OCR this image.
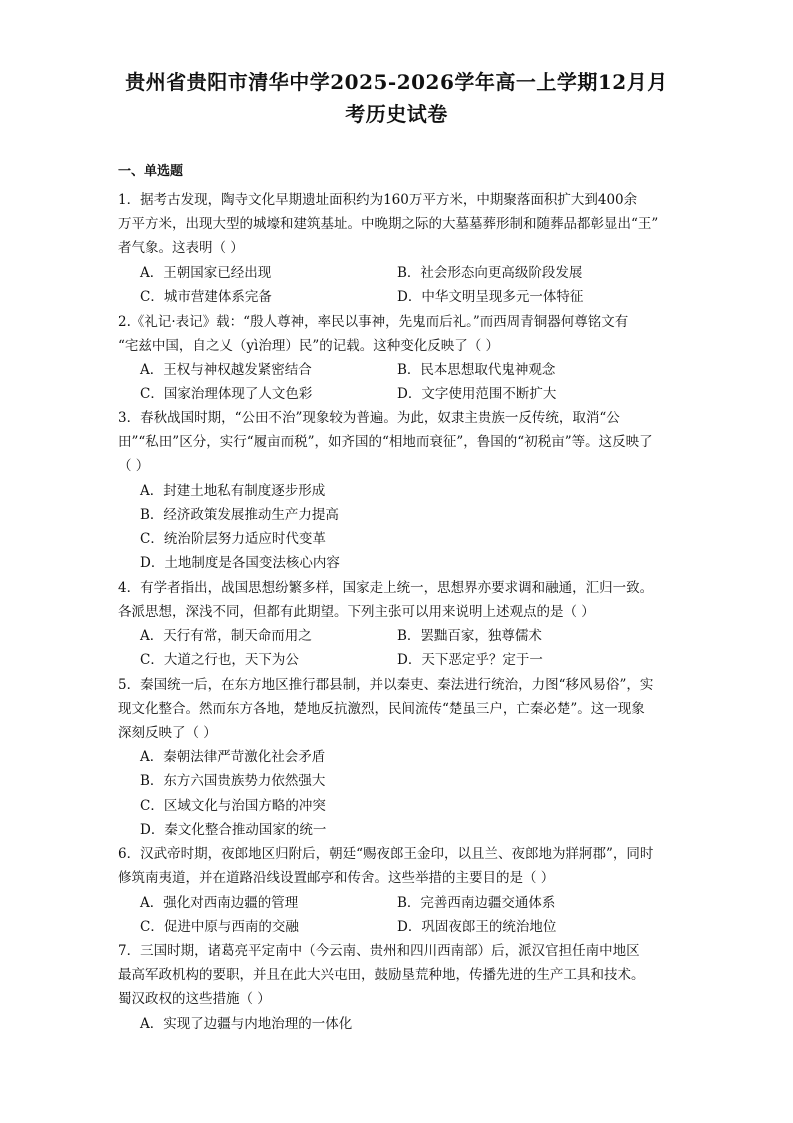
贵州省贵阳市清华中学2025-2026学年高一上学期12月月
考历史试卷
一、单选题
1．据考古发现，陶寺文化早期遗址面积约为160万平方米，中期聚落面积扩大到400余
万平方米，出现大型的城壕和建筑基址。中晚期之际的大墓墓葬形制和随葬品都彰显出“王”
者气象。这表明（ ）
A．王朝国家已经出现	B．社会形态向更高级阶段发展
C．城市营建体系完备	D．中华文明呈现多元一体特征
2.《礼记·表记》载：“殷人尊神，率民以事神，先鬼而后礼。”而西周青铜器何尊铭文有
“宅兹中国，自之乂（yì治理）民”的记载。这种变化反映了（ ）
A．王权与神权越发紧密结合	B．民本思想取代鬼神观念
C．国家治理体现了人文色彩	D．文字使用范围不断扩大
3．春秋战国时期，“公田不治”现象较为普遍。为此，奴隶主贵族一反传统，取消“公
田”“私田”区分，实行“履亩而税”，如齐国的“相地而衰征”，鲁国的“初税亩”等。这反映了
（ ）
A．封建土地私有制度逐步形成
B．经济政策发展推动生产力提高
C．统治阶层努力适应时代变革
D．土地制度是各国变法核心内容
4．有学者指出，战国思想纷繁多样，国家走上统一，思想界亦要求调和融通，汇归一致。
各派思想，深浅不同，但都有此期望。下列主张可以用来说明上述观点的是（ ）
A．天行有常，制天命而用之	B．罢黜百家，独尊儒术
C．大道之行也，天下为公	D．天下恶定乎？定于一
5．秦国统一后，在东方地区推行郡县制，并以秦吏、秦法进行统治，力图“移风易俗”，实
现文化整合。然而东方各地，楚地反抗激烈，民间流传“楚虽三户，亡秦必楚”。这一现象
深刻反映了（ ）
A．秦朝法律严苛激化社会矛盾
B．东方六国贵族势力依然强大
C．区域文化与治国方略的冲突
D．秦文化整合推动国家的统一
6．汉武帝时期，夜郎地区归附后，朝廷“赐夜郎王金印，以且兰、夜郎地为牂牁郡”，同时
修筑南夷道，并在道路沿线设置邮亭和传舍。这些举措的主要目的是（ ）
A．强化对西南边疆的管理	B．完善西南边疆交通体系
C．促进中原与西南的交融	D．巩固夜郎王的统治地位
7．三国时期，诸葛亮平定南中（今云南、贵州和四川西南部）后，派汉官担任南中地区
最高军政机构的要职，并且在此大兴屯田，鼓励垦荒种地，传播先进的生产工具和技术。
蜀汉政权的这些措施（ ）
A．实现了边疆与内地治理的一体化
